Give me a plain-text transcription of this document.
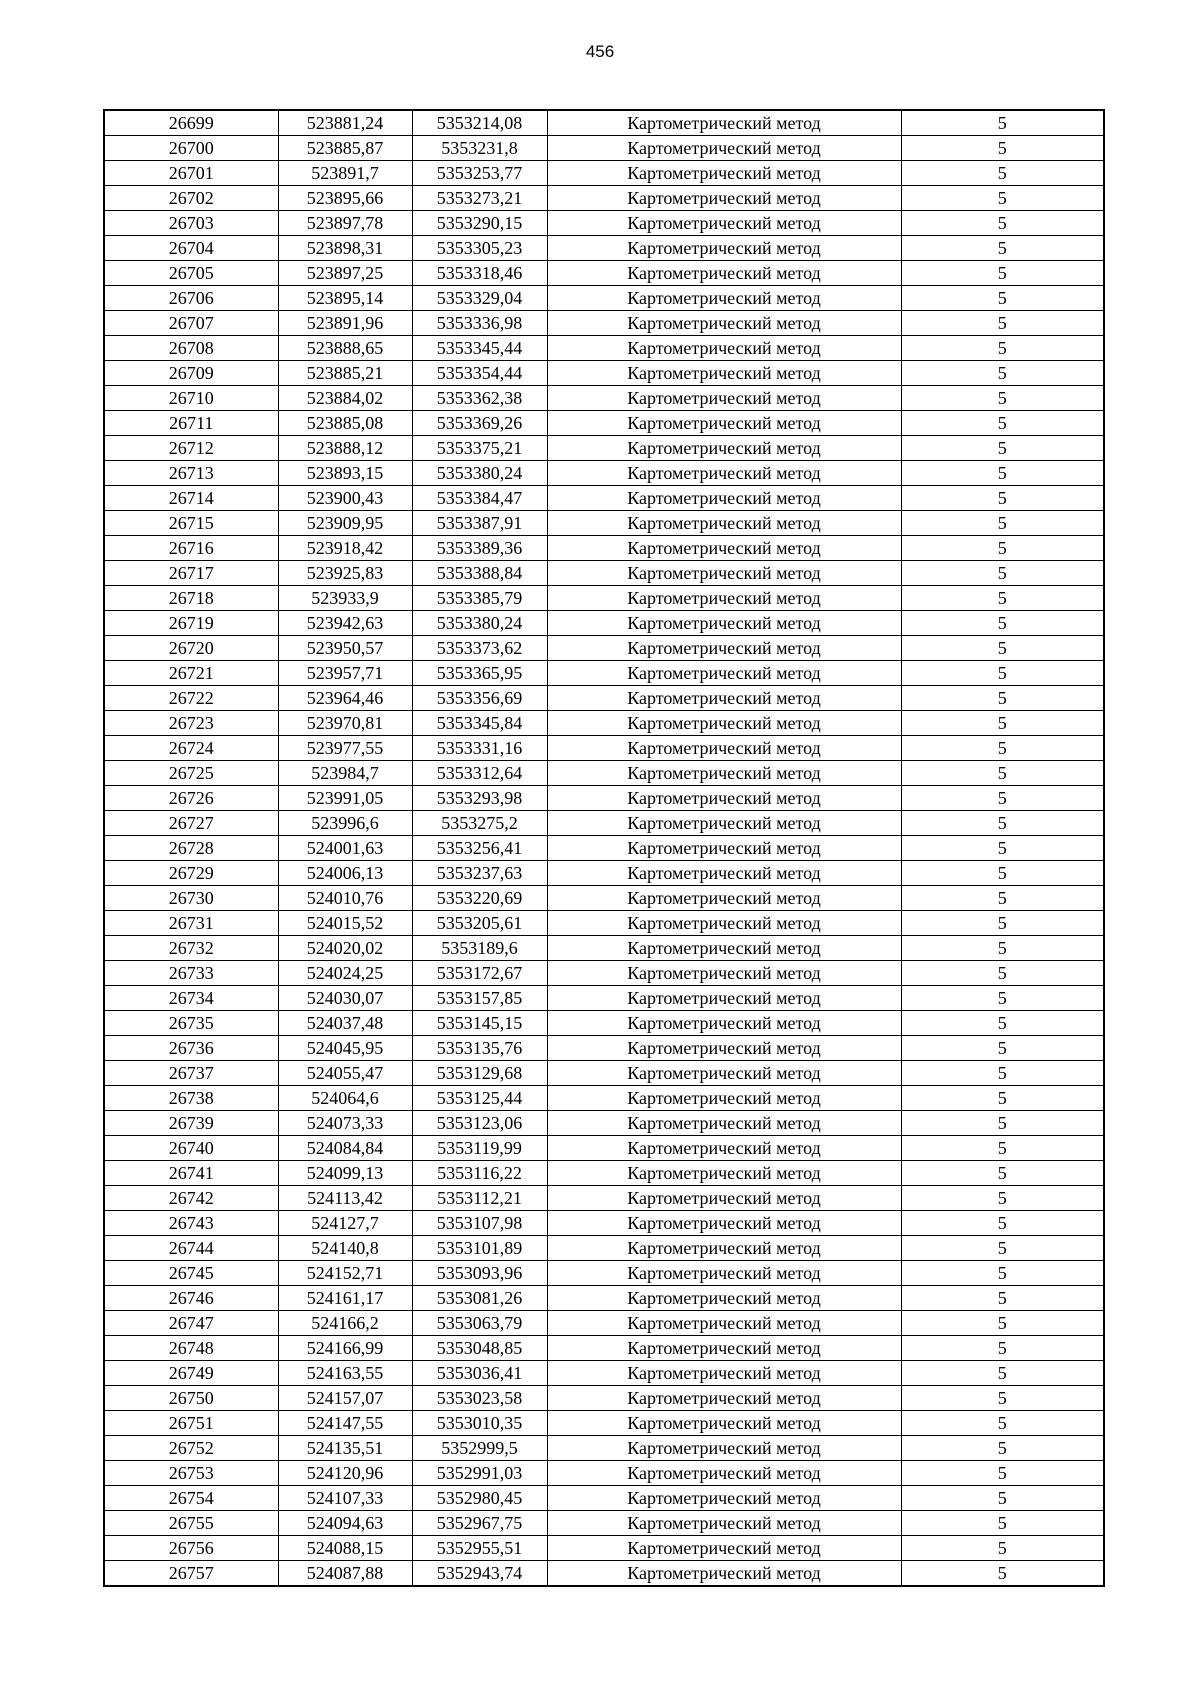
456
26699	523881,24	5353214,08	Картометрический метод	5
26700	523885,87	5353231,8	Картометрический метод	5
26701	523891,7	5353253,77	Картометрический метод	5
26702	523895,66	5353273,21	Картометрический метод	5
26703	523897,78	5353290,15	Картометрический метод	5
26704	523898,31	5353305,23	Картометрический метод	5
26705	523897,25	5353318,46	Картометрический метод	5
26706	523895,14	5353329,04	Картометрический метод	5
26707	523891,96	5353336,98	Картометрический метод	5
26708	523888,65	5353345,44	Картометрический метод	5
26709	523885,21	5353354,44	Картометрический метод	5
26710	523884,02	5353362,38	Картометрический метод	5
26711	523885,08	5353369,26	Картометрический метод	5
26712	523888,12	5353375,21	Картометрический метод	5
26713	523893,15	5353380,24	Картометрический метод	5
26714	523900,43	5353384,47	Картометрический метод	5
26715	523909,95	5353387,91	Картометрический метод	5
26716	523918,42	5353389,36	Картометрический метод	5
26717	523925,83	5353388,84	Картометрический метод	5
26718	523933,9	5353385,79	Картометрический метод	5
26719	523942,63	5353380,24	Картометрический метод	5
26720	523950,57	5353373,62	Картометрический метод	5
26721	523957,71	5353365,95	Картометрический метод	5
26722	523964,46	5353356,69	Картометрический метод	5
26723	523970,81	5353345,84	Картометрический метод	5
26724	523977,55	5353331,16	Картометрический метод	5
26725	523984,7	5353312,64	Картометрический метод	5
26726	523991,05	5353293,98	Картометрический метод	5
26727	523996,6	5353275,2	Картометрический метод	5
26728	524001,63	5353256,41	Картометрический метод	5
26729	524006,13	5353237,63	Картометрический метод	5
26730	524010,76	5353220,69	Картометрический метод	5
26731	524015,52	5353205,61	Картометрический метод	5
26732	524020,02	5353189,6	Картометрический метод	5
26733	524024,25	5353172,67	Картометрический метод	5
26734	524030,07	5353157,85	Картометрический метод	5
26735	524037,48	5353145,15	Картометрический метод	5
26736	524045,95	5353135,76	Картометрический метод	5
26737	524055,47	5353129,68	Картометрический метод	5
26738	524064,6	5353125,44	Картометрический метод	5
26739	524073,33	5353123,06	Картометрический метод	5
26740	524084,84	5353119,99	Картометрический метод	5
26741	524099,13	5353116,22	Картометрический метод	5
26742	524113,42	5353112,21	Картометрический метод	5
26743	524127,7	5353107,98	Картометрический метод	5
26744	524140,8	5353101,89	Картометрический метод	5
26745	524152,71	5353093,96	Картометрический метод	5
26746	524161,17	5353081,26	Картометрический метод	5
26747	524166,2	5353063,79	Картометрический метод	5
26748	524166,99	5353048,85	Картометрический метод	5
26749	524163,55	5353036,41	Картометрический метод	5
26750	524157,07	5353023,58	Картометрический метод	5
26751	524147,55	5353010,35	Картометрический метод	5
26752	524135,51	5352999,5	Картометрический метод	5
26753	524120,96	5352991,03	Картометрический метод	5
26754	524107,33	5352980,45	Картометрический метод	5
26755	524094,63	5352967,75	Картометрический метод	5
26756	524088,15	5352955,51	Картометрический метод	5
26757	524087,88	5352943,74	Картометрический метод	5
